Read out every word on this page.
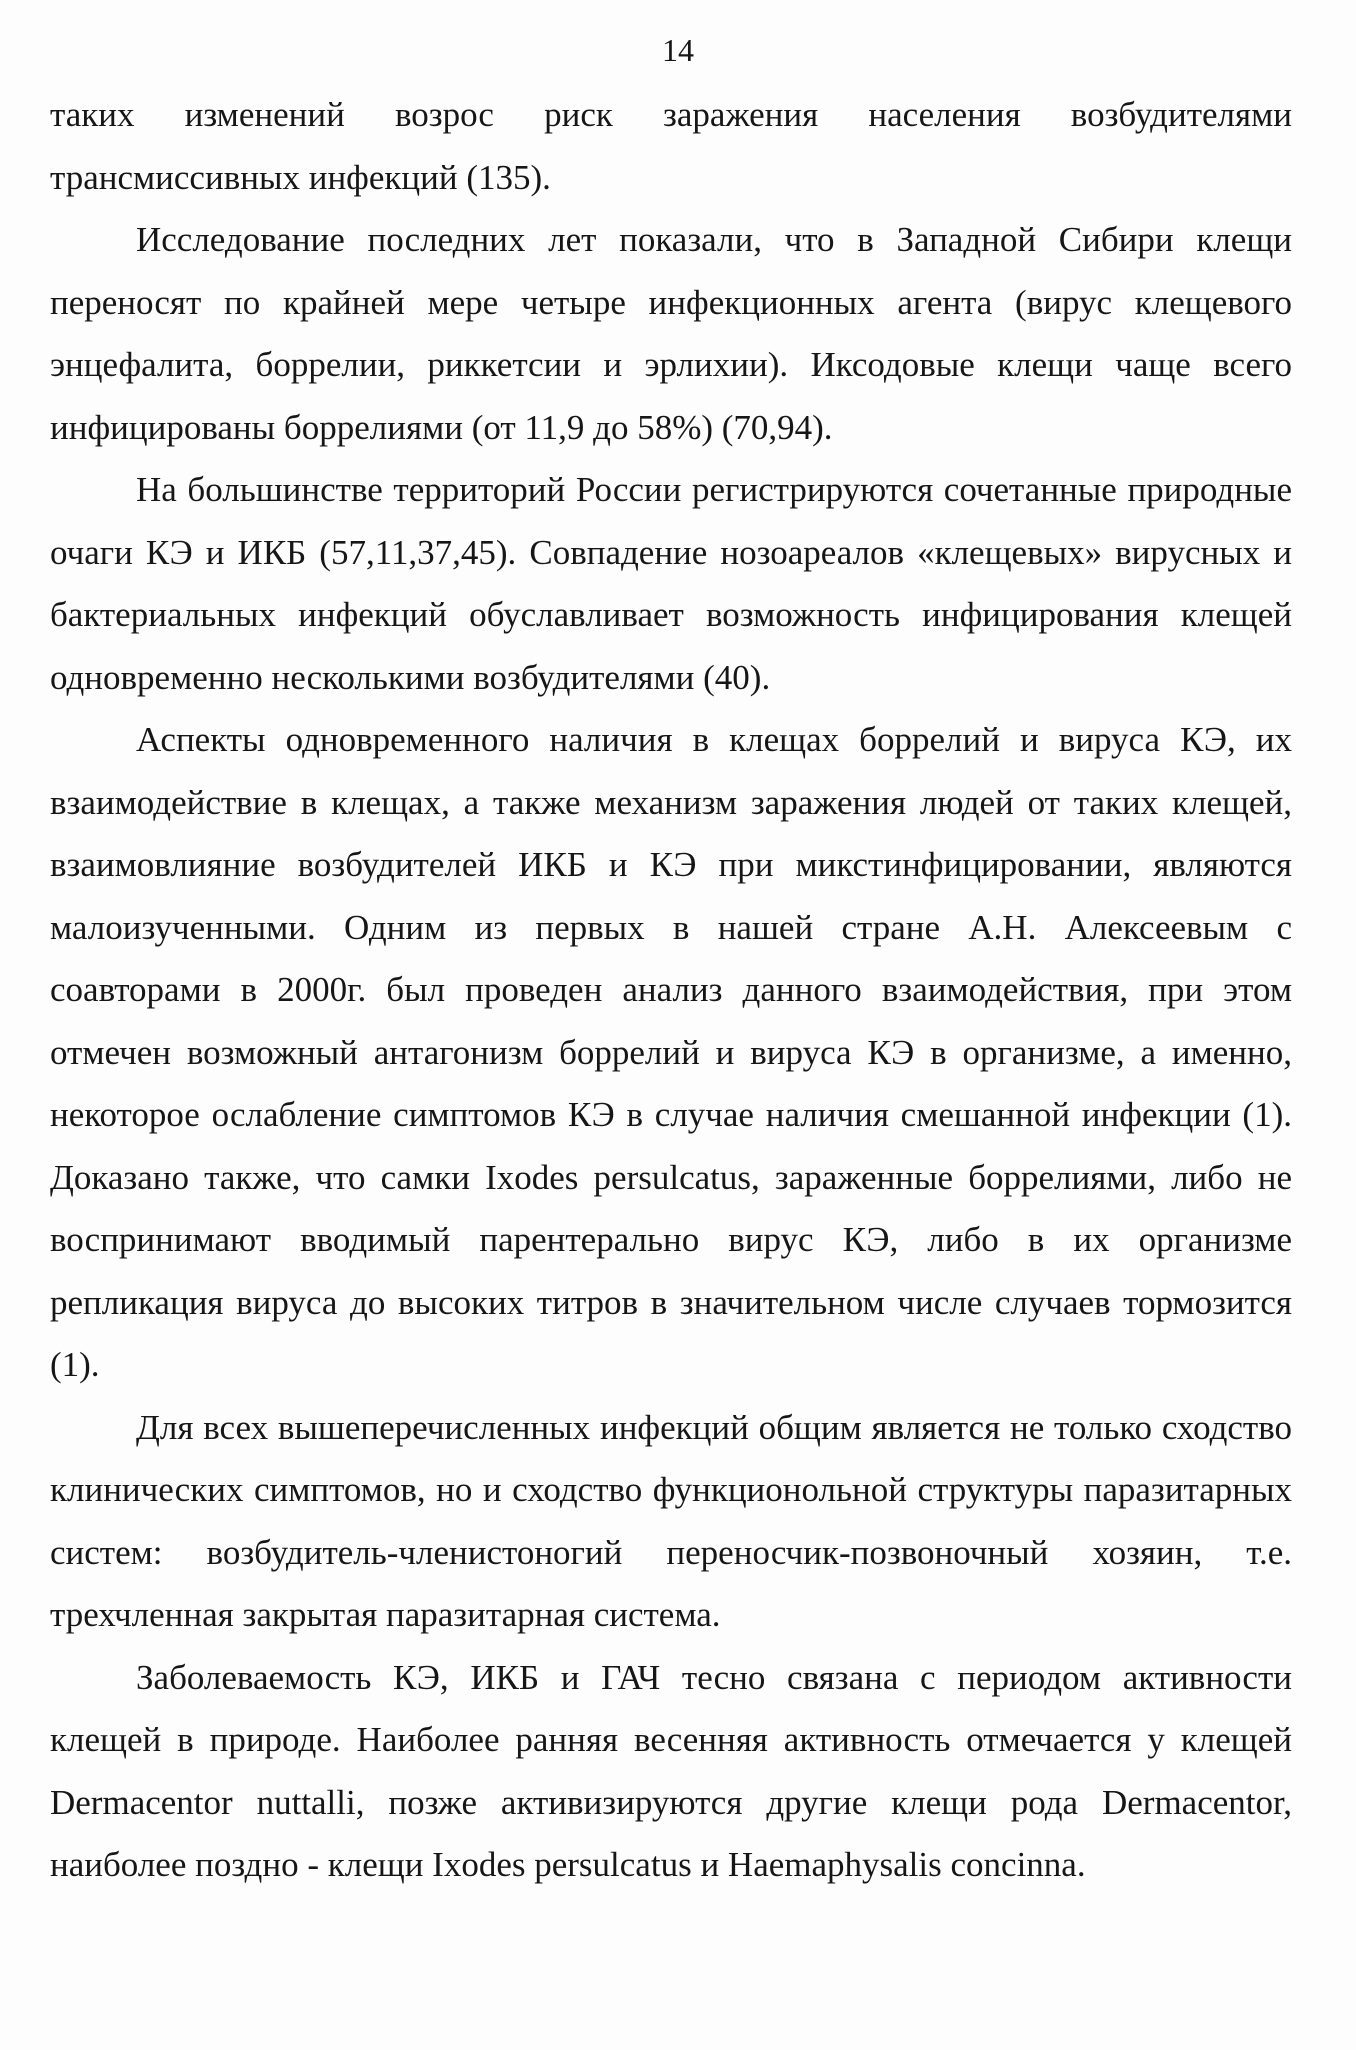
14

таких изменений возрос риск заражения населения возбудителями трансмиссивных инфекций (135).

Исследование последних лет показали, что в Западной Сибири клещи переносят по крайней мере четыре инфекционных агента (вирус клещевого энцефалита, боррелии, риккетсии и эрлихии). Иксодовые клещи чаще всего инфицированы боррелиями (от 11,9 до 58%) (70,94).

На большинстве территорий России регистрируются сочетанные природные очаги КЭ и ИКБ (57,11,37,45). Совпадение нозоареалов «клещевых» вирусных и бактериальных инфекций обуславливает возможность инфицирования клещей одновременно несколькими возбудителями (40).

Аспекты одновременного наличия в клещах боррелий и вируса КЭ, их взаимодействие в клещах, а также механизм заражения людей от таких клещей, взаимовлияние возбудителей ИКБ и КЭ при микстинфицировании, являются малоизученными. Одним из первых в нашей стране А.Н. Алексеевым с соавторами в 2000г. был проведен анализ данного взаимодействия, при этом отмечен возможный антагонизм боррелий и вируса КЭ в организме, а именно, некоторое ослабление симптомов КЭ в случае наличия смешанной инфекции (1). Доказано также, что самки Ixodes persulcatus, зараженные боррелиями, либо не воспринимают вводимый парентерально вирус КЭ, либо в их организме репликация вируса до высоких титров в значительном числе случаев тормозится (1).

Для всех вышеперечисленных инфекций общим является не только сходство клинических симптомов, но и сходство функционольной структуры паразитарных систем: возбудитель-членистоногий переносчик-позвоночный хозяин, т.е. трехчленная закрытая паразитарная система.

Заболеваемость КЭ, ИКБ и ГАЧ тесно связана с периодом активности клещей в природе. Наиболее ранняя весенняя активность отмечается у клещей Dermacentor nuttalli, позже активизируются другие клещи рода Dermacentor, наиболее поздно - клещи Ixodes persulcatus и Haemaphysalis concinna.
